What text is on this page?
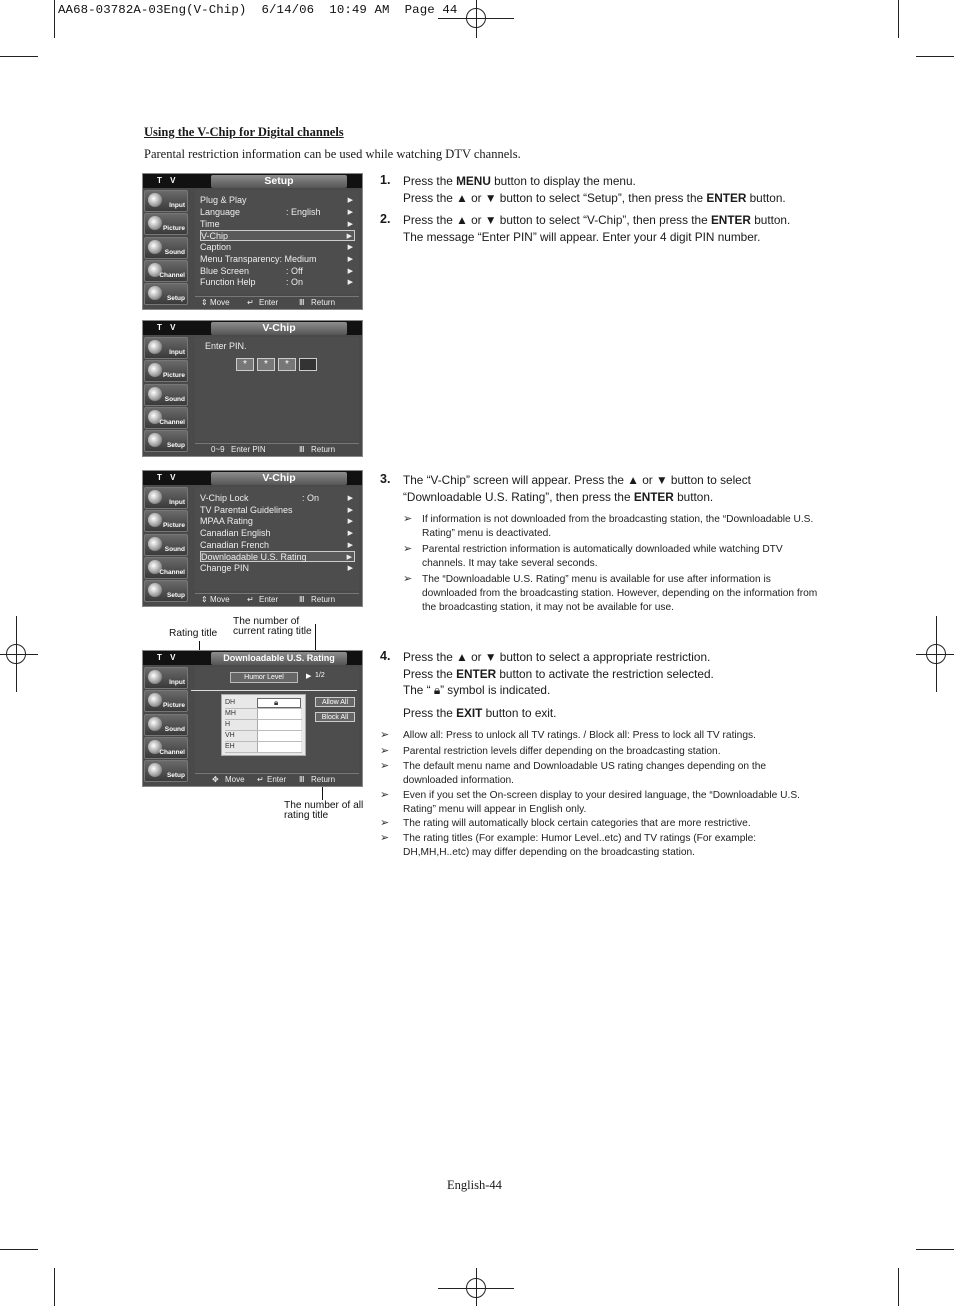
AA68-03782A-03Eng(V-Chip)  6/14/06  10:49 AM  Page 44
Using the V-Chip for Digital channels
Parental restriction information can be used while watching DTV channels.
T V	Setup
Input
Picture
Sound
Channel
Setup
Plug & Play	▶
Language	: English	▶
Time	▶
V-Chip	▶
Caption	▶
Menu Transparency: Medium	▶
Blue Screen	: Off	▶
Function Help	: On	▶
⇕ Move ↵ Enter	Ⅲ Return
T V	V-Chip
Input
Picture
Sound
Channel
Setup
Enter PIN.
*	*	*
0~9 Enter PIN	Ⅲ Return
T V	V-Chip
Input
Picture
Sound
Channel
Setup
V-Chip Lock	: On	▶
TV Parental Guidelines	▶
MPAA Rating	▶
Canadian English	▶
Canadian French	▶
Downloadable U.S. Rating	▶
Change PIN	▶
⇕ Move ↵ Enter	Ⅲ Return
Rating title
The number of current rating title
The number of all rating title
T V	Downloadable U.S. Rating
Input
Picture
Sound
Channel
Setup
Humor Level	▶ 1/2
Allow All
Block All
✥ Move ↵ Enter Ⅲ Return
DH	🔒︎
MH
H
VH
EH
1. Press the MENU button to display the menu.
Press the ▲ or ▼ button to select “Setup”, then press the ENTER button.
2. Press the ▲ or ▼ button to select “V-Chip”, then press the ENTER button.
The message “Enter PIN” will appear. Enter your 4 digit PIN number.
3. The “V-Chip” screen will appear. Press the ▲ or ▼ button to select
“Downloadable U.S. Rating”, then press the ENTER button.
➢ If information is not downloaded from the broadcasting station, the “Downloadable U.S.
Rating” menu is deactivated.
➢ Parental restriction information is automatically downloaded while watching DTV
channels. It may take several seconds.
➢ The “Downloadable U.S. Rating” menu is available for use after information is
downloaded from the broadcasting station. However, depending on the information from
the broadcasting station, it may not be available for use.
4. Press the ▲ or ▼ button to select a appropriate restriction.
Press the ENTER button to activate the restriction selected.
The “ 🔒︎” symbol is indicated.
Press the EXIT button to exit.
➢ Allow all: Press to unlock all TV ratings. / Block all: Press to lock all TV ratings.
➢ Parental restriction levels differ depending on the broadcasting station.
➢ The default menu name and Downloadable US rating changes depending on the
downloaded information.
➢ Even if you set the On-screen display to your desired language, the “Downloadable U.S.
Rating” menu will appear in English only.
➢ The rating will automatically block certain categories that are more restrictive.
➢ The rating titles (For example: Humor Level..etc) and TV ratings (For example:
DH,MH,H..etc) may differ depending on the broadcasting station.
English-44
